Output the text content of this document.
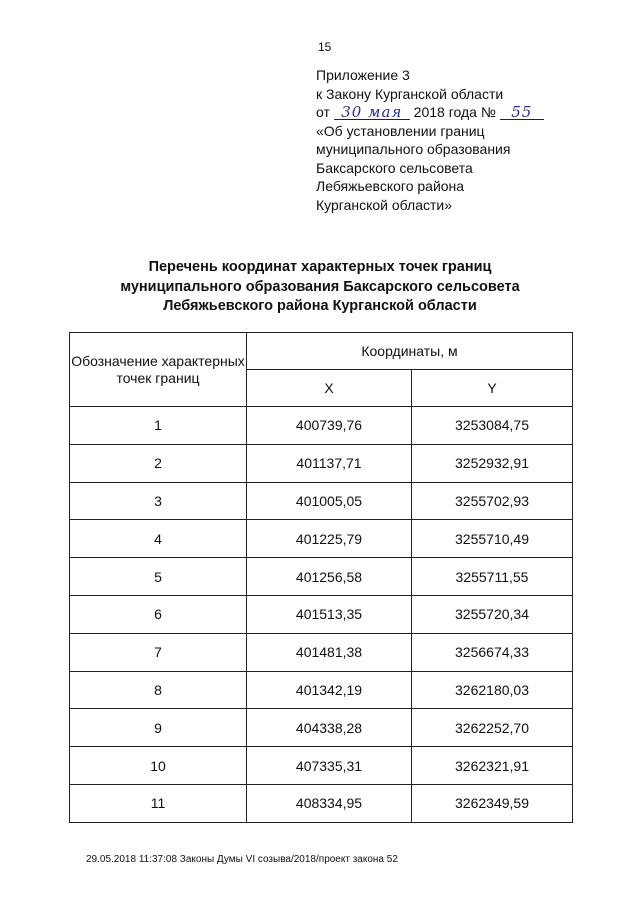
15
Приложение 3
к Закону Курганской области
от 30 мая 2018 года № 55
«Об установлении границ
муниципального образования
Баксарского сельсовета
Лебяжьевского района
Курганской области»
Перечень координат характерных точек границ
муниципального образования Баксарского сельсовета
Лебяжьевского района Курганской области
Обозначение характерных точек границ	Координаты, м	
	X	Y
1	400739,76	3253084,75
2	401137,71	3252932,91
3	401005,05	3255702,93
4	401225,79	3255710,49
5	401256,58	3255711,55
6	401513,35	3255720,34
7	401481,38	3256674,33
8	401342,19	3262180,03
9	404338,28	3262252,70
10	407335,31	3262321,91
11	408334,95	3262349,59
29.05.2018 11:37:08 Законы Думы VI созыва/2018/проект закона 52
